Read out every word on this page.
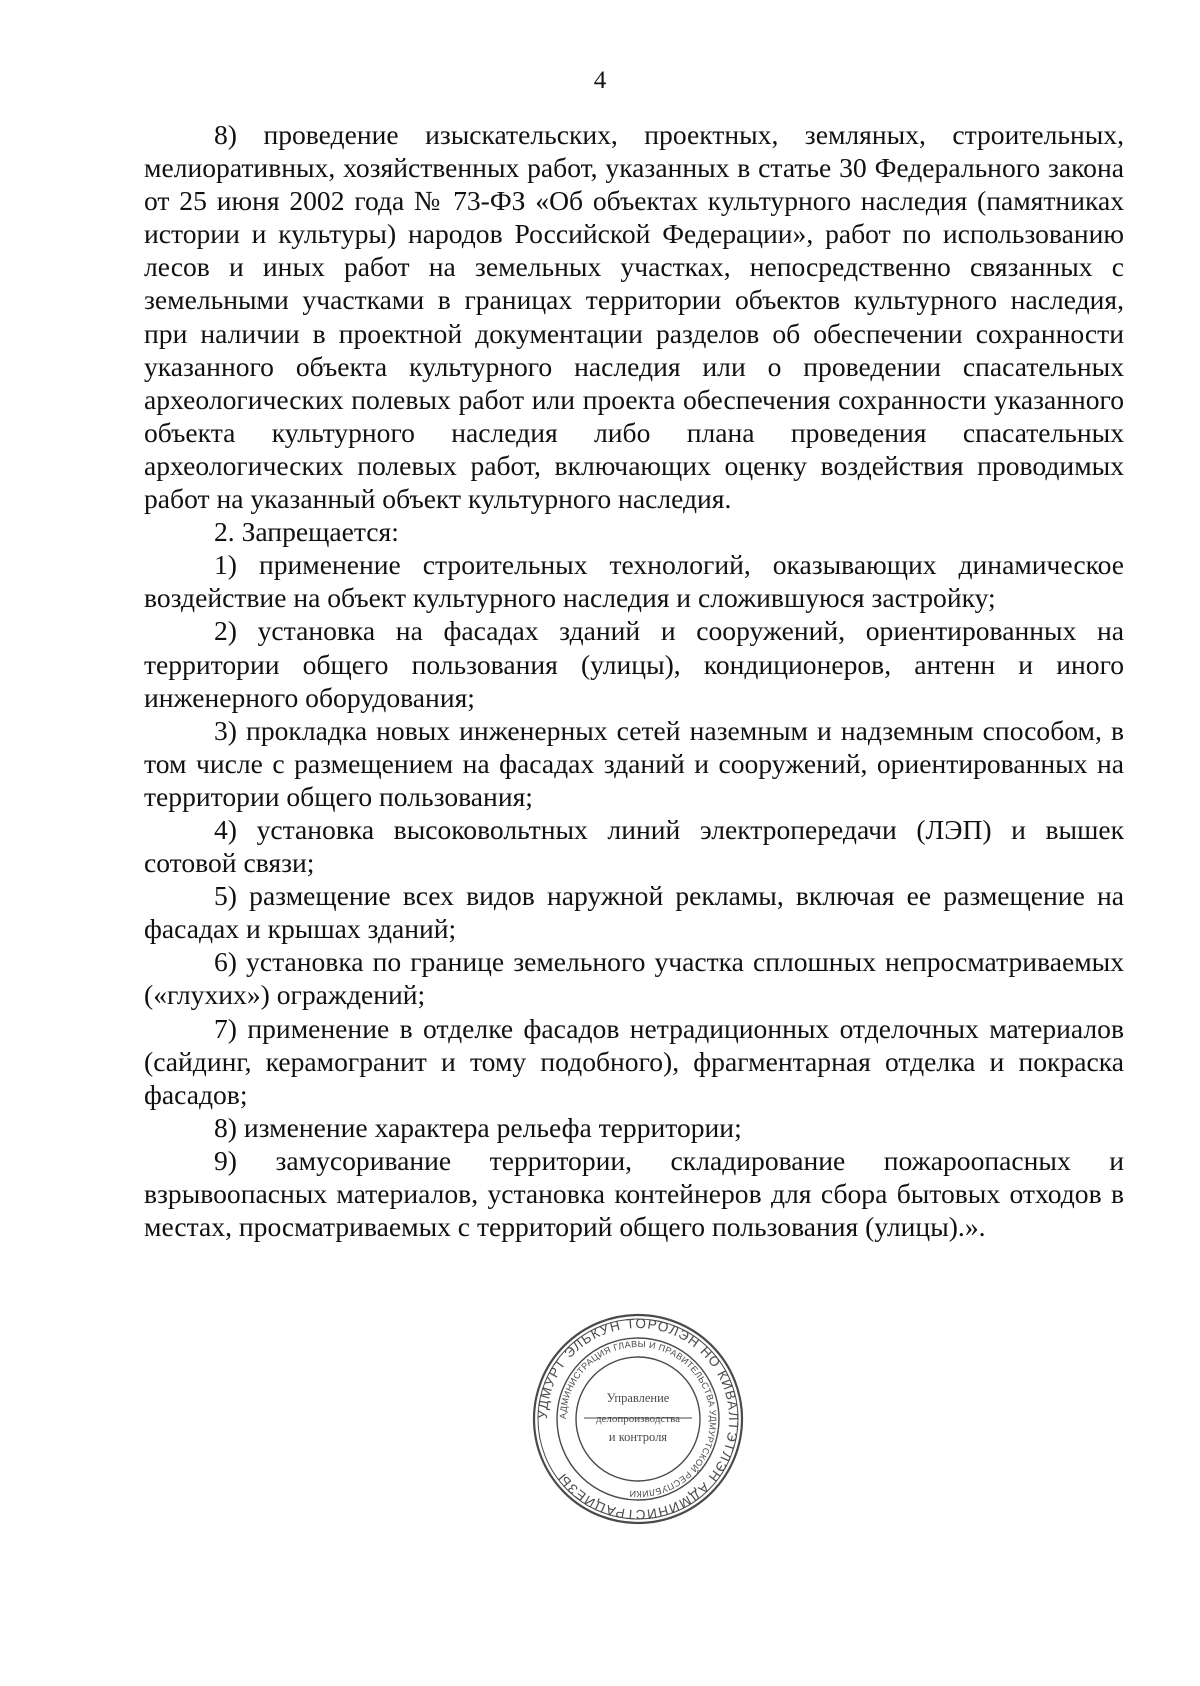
4

8) проведение изыскательских, проектных, земляных, строительных, мелиоративных, хозяйственных работ, указанных в статье 30 Федерального закона от 25 июня 2002 года № 73-ФЗ «Об объектах культурного наследия (памятниках истории и культуры) народов Российской Федерации», работ по использованию лесов и иных работ на земельных участках, непосредственно связанных с земельными участками в границах территории объектов культурного наследия, при наличии в проектной документации разделов об обеспечении сохранности указанного объекта культурного наследия или о проведении спасательных археологических полевых работ или проекта обеспечения сохранности указанного объекта культурного наследия либо плана проведения спасательных археологических полевых работ, включающих оценку воздействия проводимых работ на указанный объект культурного наследия.

2. Запрещается:

1) применение строительных технологий, оказывающих динамическое воздействие на объект культурного наследия и сложившуюся застройку;

2) установка на фасадах зданий и сооружений, ориентированных на территории общего пользования (улицы), кондиционеров, антенн и иного инженерного оборудования;

3) прокладка новых инженерных сетей наземным и надземным способом, в том числе с размещением на фасадах зданий и сооружений, ориентированных на территории общего пользования;

4) установка высоковольтных линий электропередачи (ЛЭП) и вышек сотовой связи;

5) размещение всех видов наружной рекламы, включая ее размещение на фасадах и крышах зданий;

6) установка по границе земельного участка сплошных непросматриваемых («глухих») ограждений;

7) применение в отделке фасадов нетрадиционных отделочных материалов (сайдинг, керамогранит и тому подобного), фрагментарная отделка и покраска фасадов;

8) изменение характера рельефа территории;

9) замусоривание территории, складирование пожароопасных и взрывоопасных материалов, установка контейнеров для сбора бытовых отходов в местах, просматриваемых с территорий общего пользования (улицы).».

УДМУРТ ЭЛЬКУН ТОРОЛЭН НО КИВАЛТЭТЛЭН АДМИНИСТРАЦИЕЗЫ
АДМИНИСТРАЦИЯ ГЛАВЫ И ПРАВИТЕЛЬСТВА УДМУРТСКОЙ РЕСПУБЛИКИ
Управление
делопроизводства
и контроля
